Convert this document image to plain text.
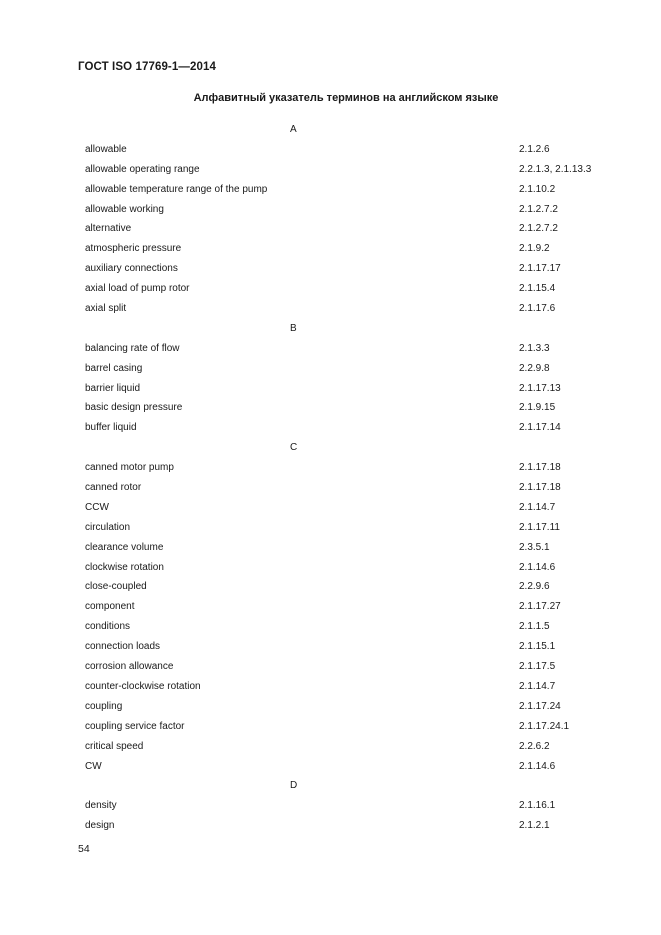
ГОСТ ISO 17769-1—2014
Алфавитный указатель терминов на английском языке
A
allowable	2.1.2.6
allowable operating range	2.2.1.3, 2.1.13.3
allowable temperature range of the pump	2.1.10.2
allowable working	2.1.2.7.2
alternative	2.1.2.7.2
atmospheric pressure	2.1.9.2
auxiliary connections	2.1.17.17
axial load of pump rotor	2.1.15.4
axial split	2.1.17.6
B
balancing rate of flow	2.1.3.3
barrel casing	2.2.9.8
barrier liquid	2.1.17.13
basic design pressure	2.1.9.15
buffer liquid	2.1.17.14
C
canned motor pump	2.1.17.18
canned rotor	2.1.17.18
CCW	2.1.14.7
circulation	2.1.17.11
clearance volume	2.3.5.1
clockwise rotation	2.1.14.6
close-coupled	2.2.9.6
component	2.1.17.27
conditions	2.1.1.5
connection loads	2.1.15.1
corrosion allowance	2.1.17.5
counter-clockwise rotation	2.1.14.7
coupling	2.1.17.24
coupling service factor	2.1.17.24.1
critical speed	2.2.6.2
CW	2.1.14.6
D
density	2.1.16.1
design	2.1.2.1
54
